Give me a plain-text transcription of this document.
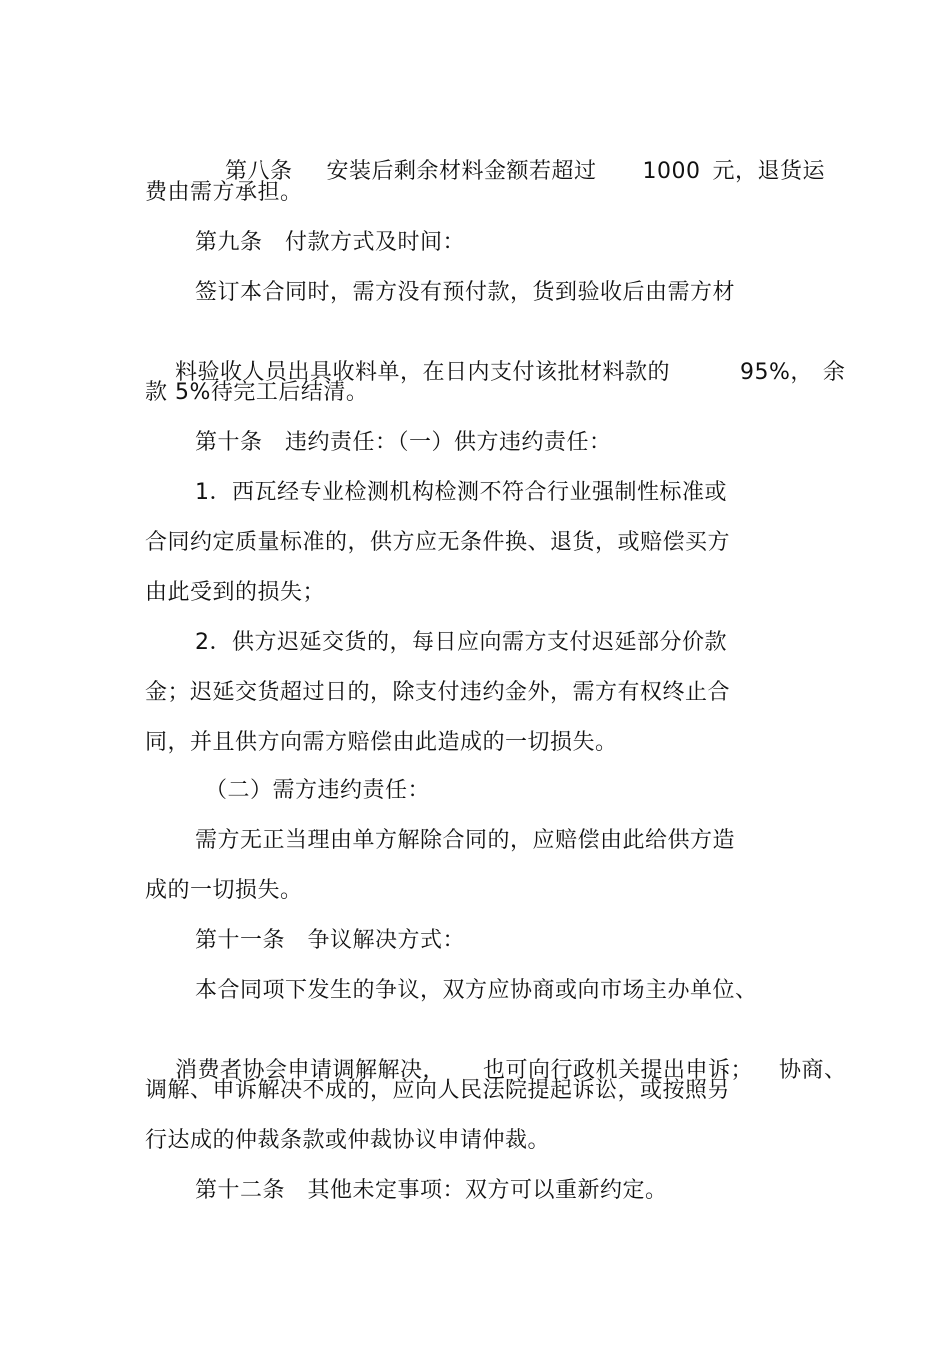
第八条 安装后剩余材料金额若超过 1000 元，退货运

费由需方承担。
第九条　付款方式及时间：
签订本合同时，需方没有预付款，货到验收后由需方材

料验收人员出具收料单，在日内支付该批材料款的	95%， 余

款 5%待完工后结清。
第十条　违约责任：（一）供方违约责任：
1．西瓦经专业检测机构检测不符合行业强制性标准或
合同约定质量标准的，供方应无条件换、退货，或赔偿买方
由此受到的损失；
2．供方迟延交货的，每日应向需方支付迟延部分价款
金；迟延交货超过日的，除支付违约金外，需方有权终止合
同，并且供方向需方赔偿由此造成的一切损失。
（二）需方违约责任：
需方无正当理由单方解除合同的，应赔偿由此给供方造
成的一切损失。
第十一条　争议解决方式：
本合同项下发生的争议，双方应协商或向市场主办单位、

消费者协会申请调解解决， 也可向行政机关提出申诉； 协商、

调解、申诉解决不成的，应向人民法院提起诉讼，或按照另
行达成的仲裁条款或仲裁协议申请仲裁。
第十二条　其他未定事项：双方可以重新约定。
